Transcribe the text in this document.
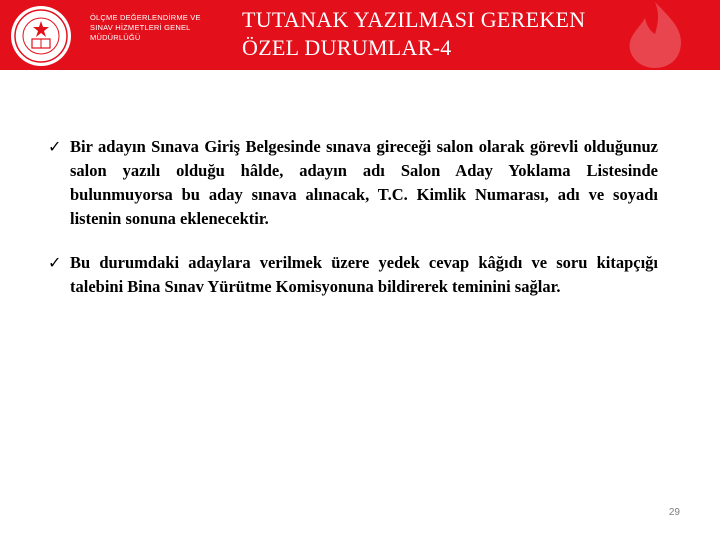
ÖLÇME DEĞERLENDİRME VE
SINAV HİZMETLERİ GENEL
MÜDÜRLÜĞÜ
TUTANAK YAZILMASI GEREKEN
ÖZEL DURUMLAR-4
✓ Bir adayın Sınava Giriş Belgesinde sınava gireceği salon olarak görevli olduğunuz salon yazılı olduğu hâlde, adayın adı Salon Aday Yoklama Listesinde bulunmuyorsa bu aday sınava alınacak, T.C. Kimlik Numarası, adı ve soyadı listenin sonuna eklenecektir.
✓ Bu durumdaki adaylara verilmek üzere yedek cevap kâğıdı ve soru kitapçığı talebini Bina Sınav Yürütme Komisyonuna bildirerek teminini sağlar.
29
